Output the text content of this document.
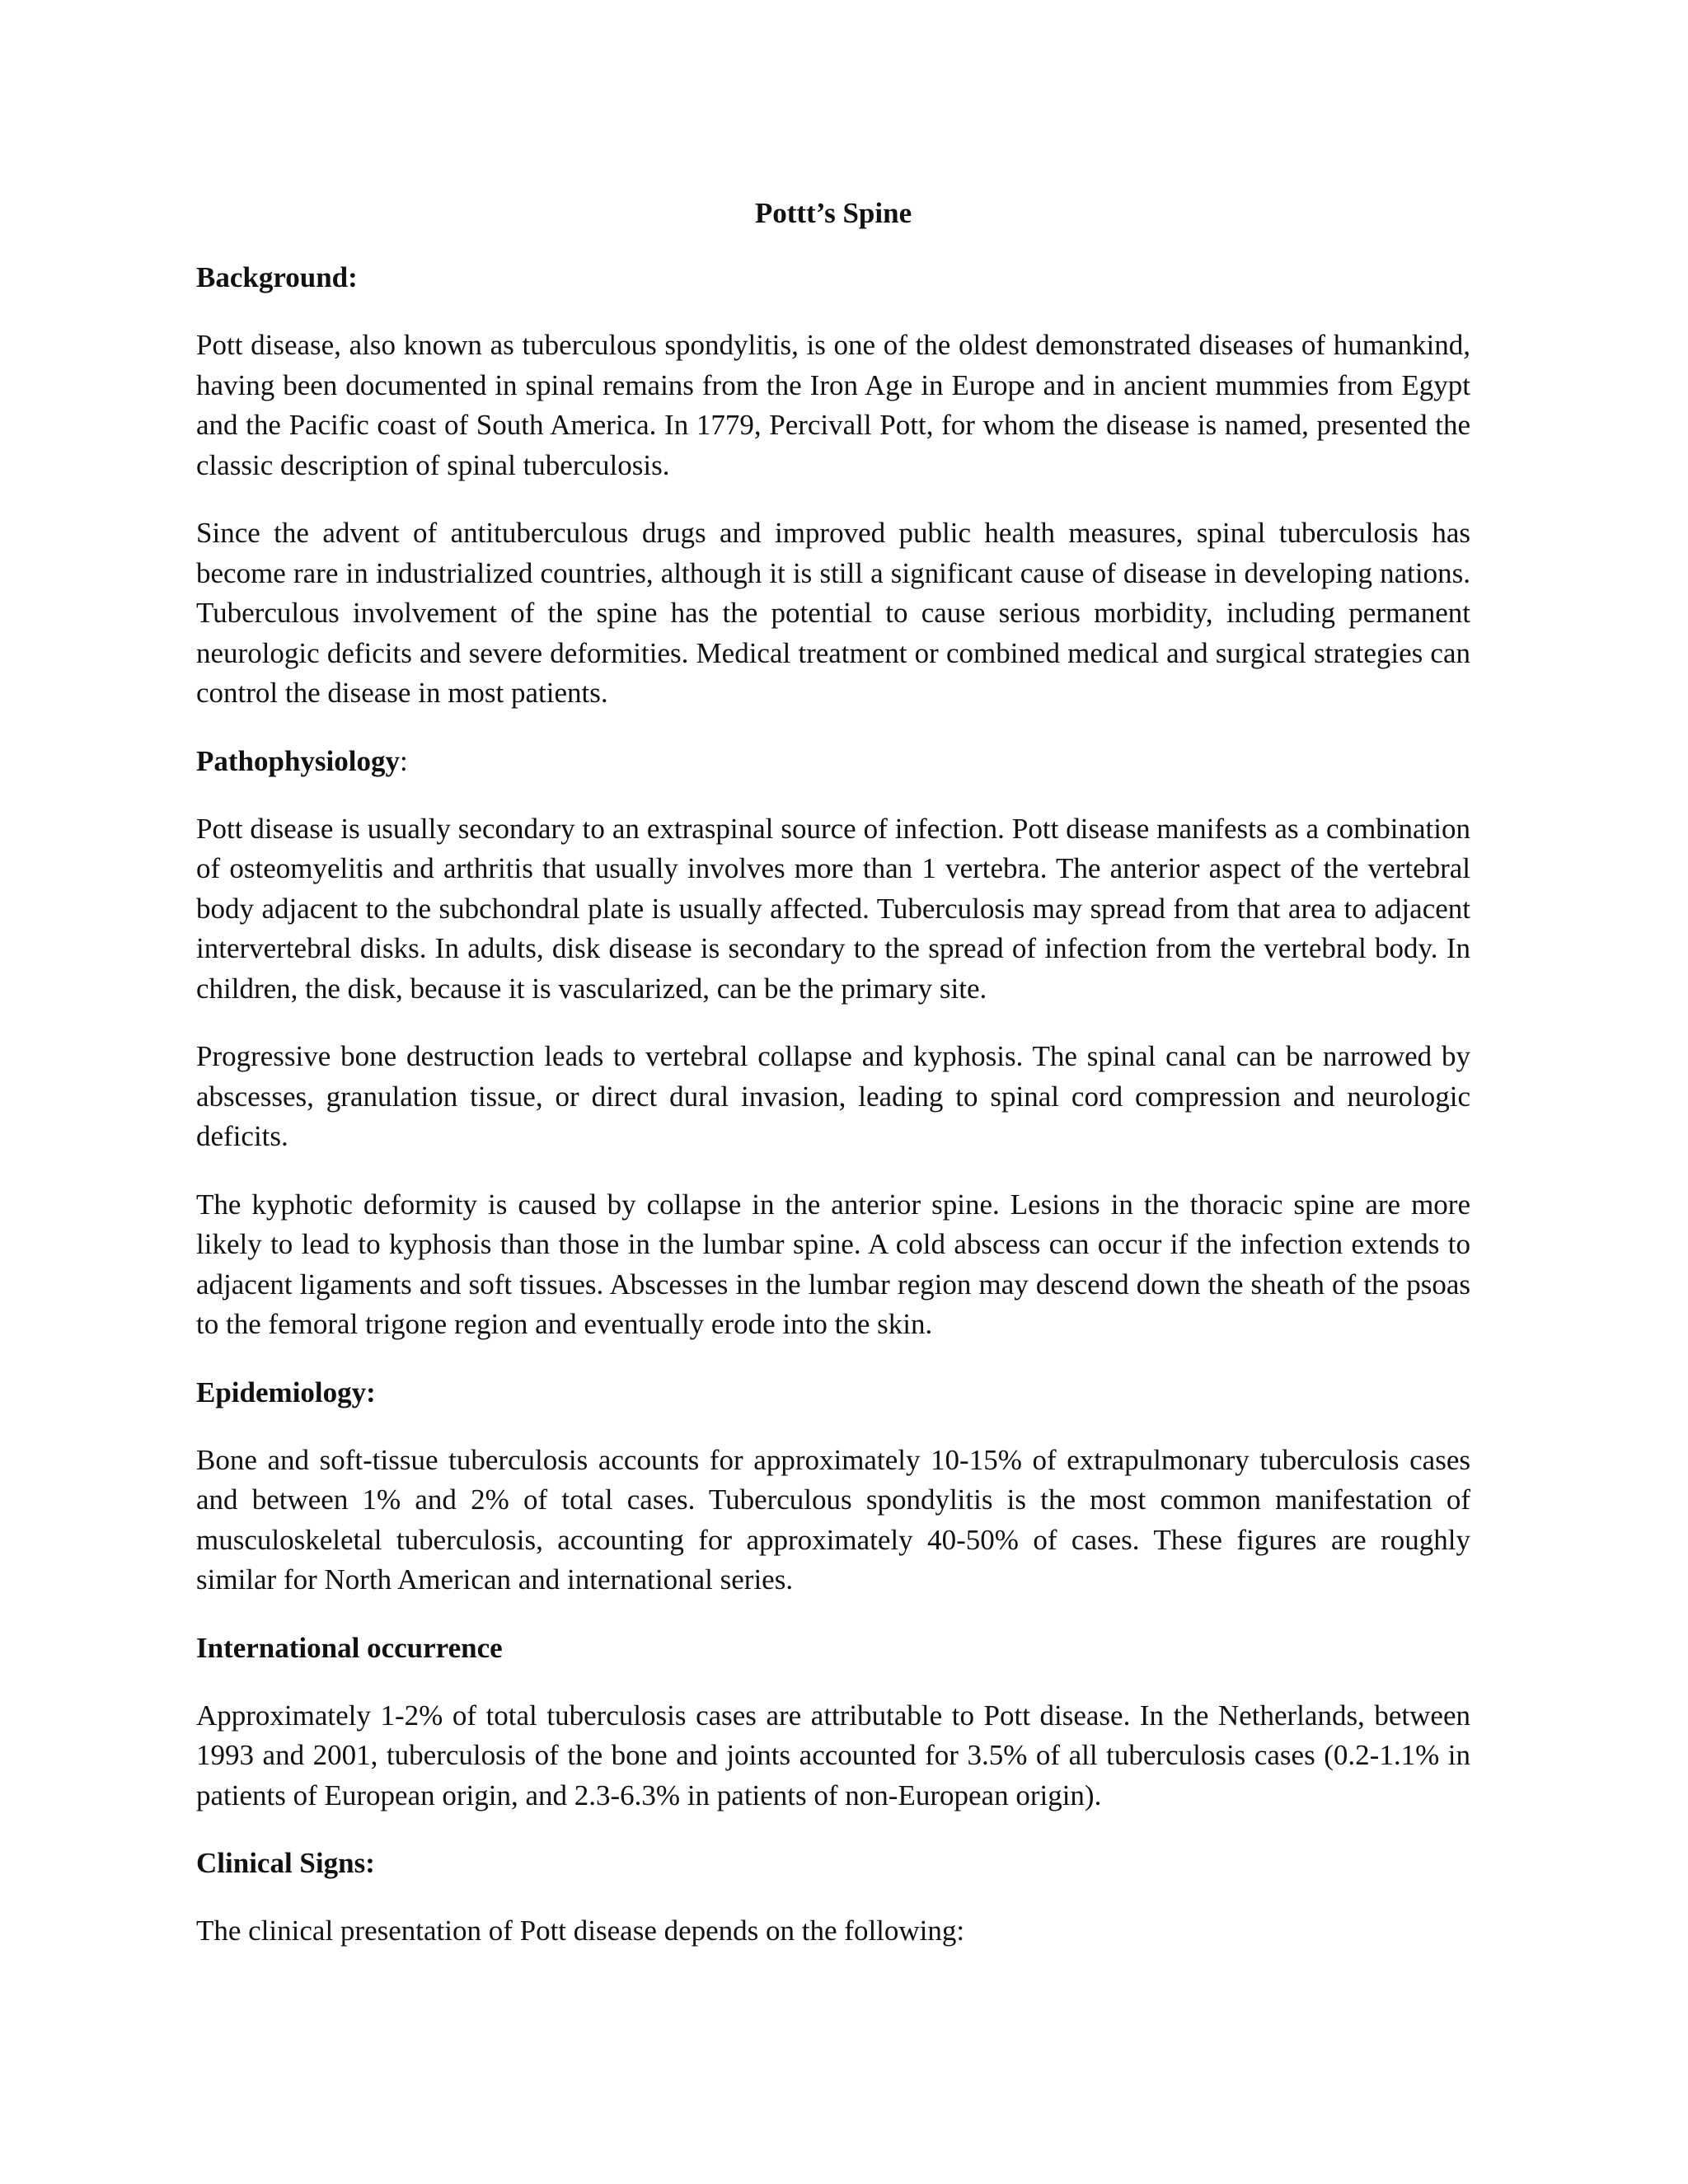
Pottt’s Spine
Background:

Pott disease, also known as tuberculous spondylitis, is one of the oldest demonstrated diseases of humankind, having been documented in spinal remains from the Iron Age in Europe and in ancient mummies from Egypt and the Pacific coast of South America. In 1779, Percivall Pott, for whom the disease is named, presented the classic description of spinal tuberculosis.

Since the advent of antituberculous drugs and improved public health measures, spinal tuberculosis has become rare in industrialized countries, although it is still a significant cause of disease in developing nations. Tuberculous involvement of the spine has the potential to cause serious morbidity, including permanent neurologic deficits and severe deformities. Medical treatment or combined medical and surgical strategies can control the disease in most patients.

Pathophysiology:

Pott disease is usually secondary to an extraspinal source of infection. Pott disease manifests as a combination of osteomyelitis and arthritis that usually involves more than 1 vertebra. The anterior aspect of the vertebral body adjacent to the subchondral plate is usually affected. Tuberculosis may spread from that area to adjacent intervertebral disks. In adults, disk disease is secondary to the spread of infection from the vertebral body. In children, the disk, because it is vascularized, can be the primary site.

Progressive bone destruction leads to vertebral collapse and kyphosis. The spinal canal can be narrowed by abscesses, granulation tissue, or direct dural invasion, leading to spinal cord compression and neurologic deficits.

The kyphotic deformity is caused by collapse in the anterior spine. Lesions in the thoracic spine are more likely to lead to kyphosis than those in the lumbar spine. A cold abscess can occur if the infection extends to adjacent ligaments and soft tissues. Abscesses in the lumbar region may descend down the sheath of the psoas to the femoral trigone region and eventually erode into the skin.

Epidemiology:

Bone and soft-tissue tuberculosis accounts for approximately 10-15% of extrapulmonary tuberculosis cases and between 1% and 2% of total cases. Tuberculous spondylitis is the most common manifestation of musculoskeletal tuberculosis, accounting for approximately 40-50% of cases. These figures are roughly similar for North American and international series.

International occurrence

Approximately 1-2% of total tuberculosis cases are attributable to Pott disease. In the Netherlands, between 1993 and 2001, tuberculosis of the bone and joints accounted for 3.5% of all tuberculosis cases (0.2-1.1% in patients of European origin, and 2.3-6.3% in patients of non-European origin).

Clinical Signs:

The clinical presentation of Pott disease depends on the following:
